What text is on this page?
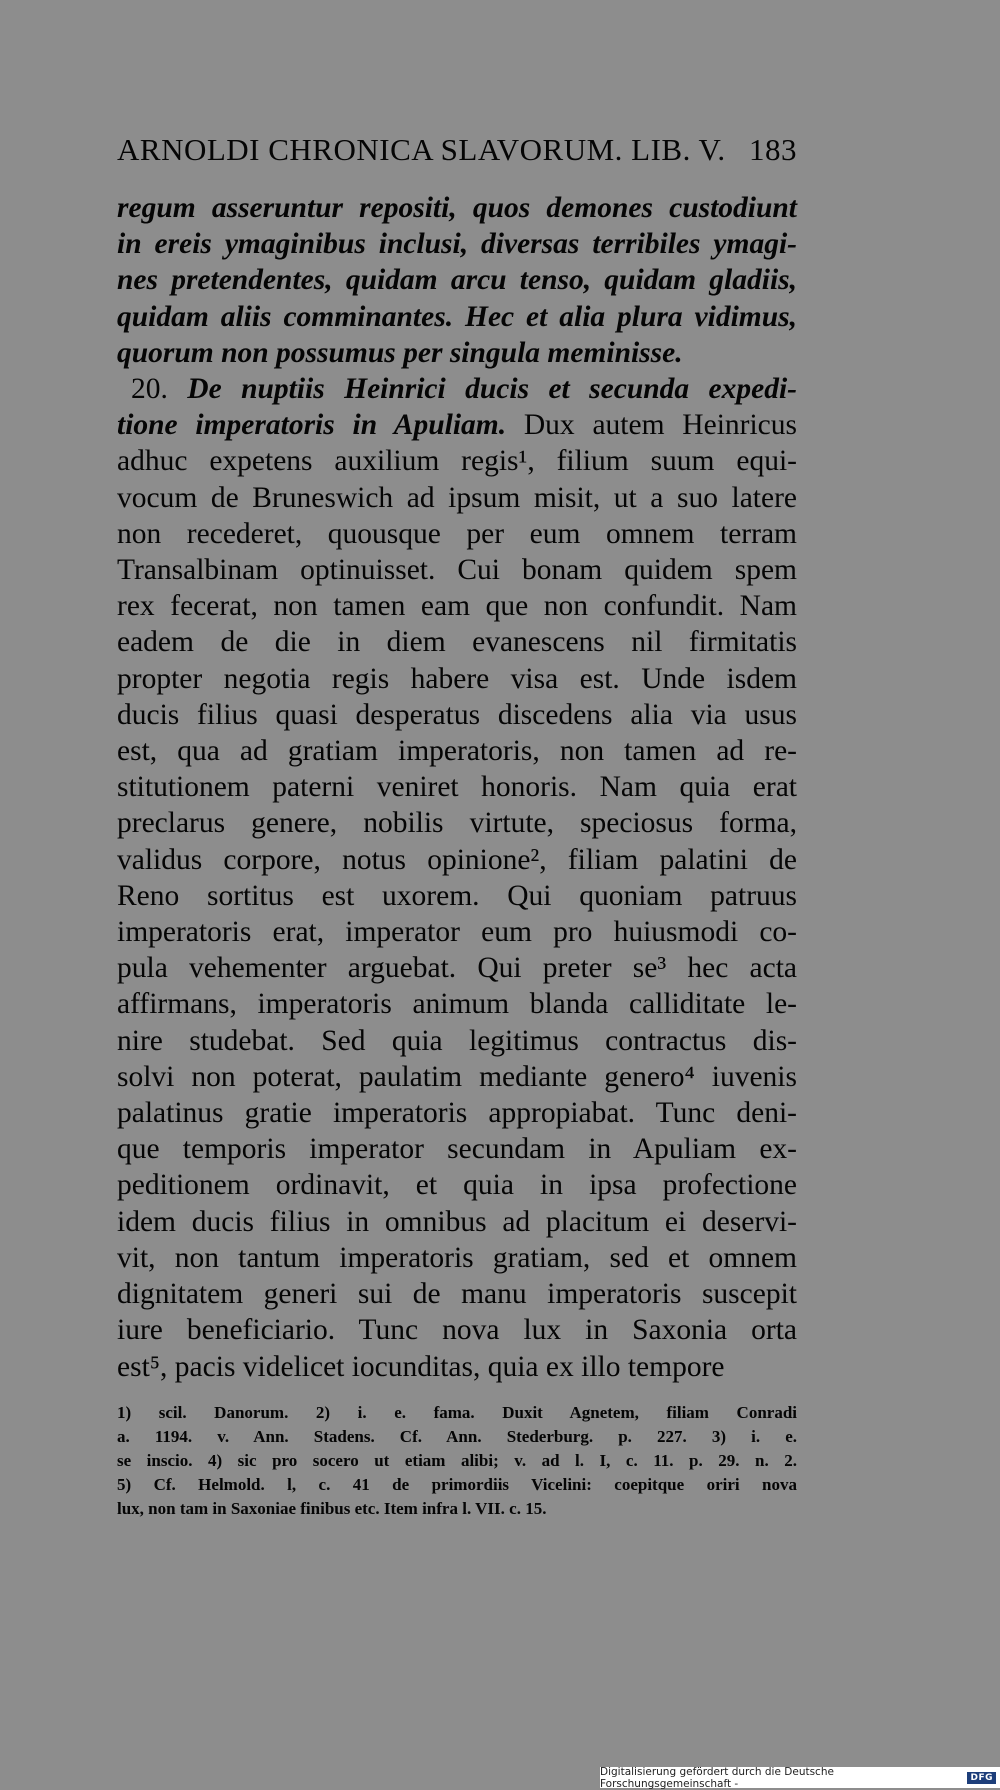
ARNOLDI CHRONICA SLAVORUM. LIB. V. 183
regum asseruntur repositi, quos demones custodiunt
in ereis ymaginibus inclusi, diversas terribiles ymagi-
nes pretendentes, quidam arcu tenso, quidam gladiis,
quidam aliis comminantes. Hec et alia plura vidimus,
quorum non possumus per singula meminisse.
20. De nuptiis Heinrici ducis et secunda expedi-
tione imperatoris in Apuliam. Dux autem Heinricus
adhuc expetens auxilium regis¹, filium suum equi-
vocum de Bruneswich ad ipsum misit, ut a suo latere
non recederet, quousque per eum omnem terram
Transalbinam optinuisset. Cui bonam quidem spem
rex fecerat, non tamen eam que non confundit. Nam
eadem de die in diem evanescens nil firmitatis
propter negotia regis habere visa est. Unde isdem
ducis filius quasi desperatus discedens alia via usus
est, qua ad gratiam imperatoris, non tamen ad re-
stitutionem paterni veniret honoris. Nam quia erat
preclarus genere, nobilis virtute, speciosus forma,
validus corpore, notus opinione², filiam palatini de
Reno sortitus est uxorem. Qui quoniam patruus
imperatoris erat, imperator eum pro huiusmodi co-
pula vehementer arguebat. Qui preter se³ hec acta
affirmans, imperatoris animum blanda calliditate le-
nire studebat. Sed quia legitimus contractus dis-
solvi non poterat, paulatim mediante genero⁴ iuvenis
palatinus gratie imperatoris appropiabat. Tunc deni-
que temporis imperator secundam in Apuliam ex-
peditionem ordinavit, et quia in ipsa profectione
idem ducis filius in omnibus ad placitum ei deservi-
vit, non tantum imperatoris gratiam, sed et omnem
dignitatem generi sui de manu imperatoris suscepit
iure beneficiario. Tunc nova lux in Saxonia orta
est⁵, pacis videlicet iocunditas, quia ex illo tempore
1) scil. Danorum. 2) i. e. fama. Duxit Agnetem, filiam Conradi
a. 1194. v. Ann. Stadens. Cf. Ann. Stederburg. p. 227. 3) i. e.
se inscio. 4) sic pro socero ut etiam alibi; v. ad l. I, c. 11. p. 29. n. 2.
5) Cf. Helmold. l, c. 41 de primordiis Vicelini: coepitque oriri nova
lux, non tam in Saxoniae finibus etc. Item infra l. VII. c. 15.
Digitalisierung gefördert durch die Deutsche Forschungsgemeinschaft -	DFG
